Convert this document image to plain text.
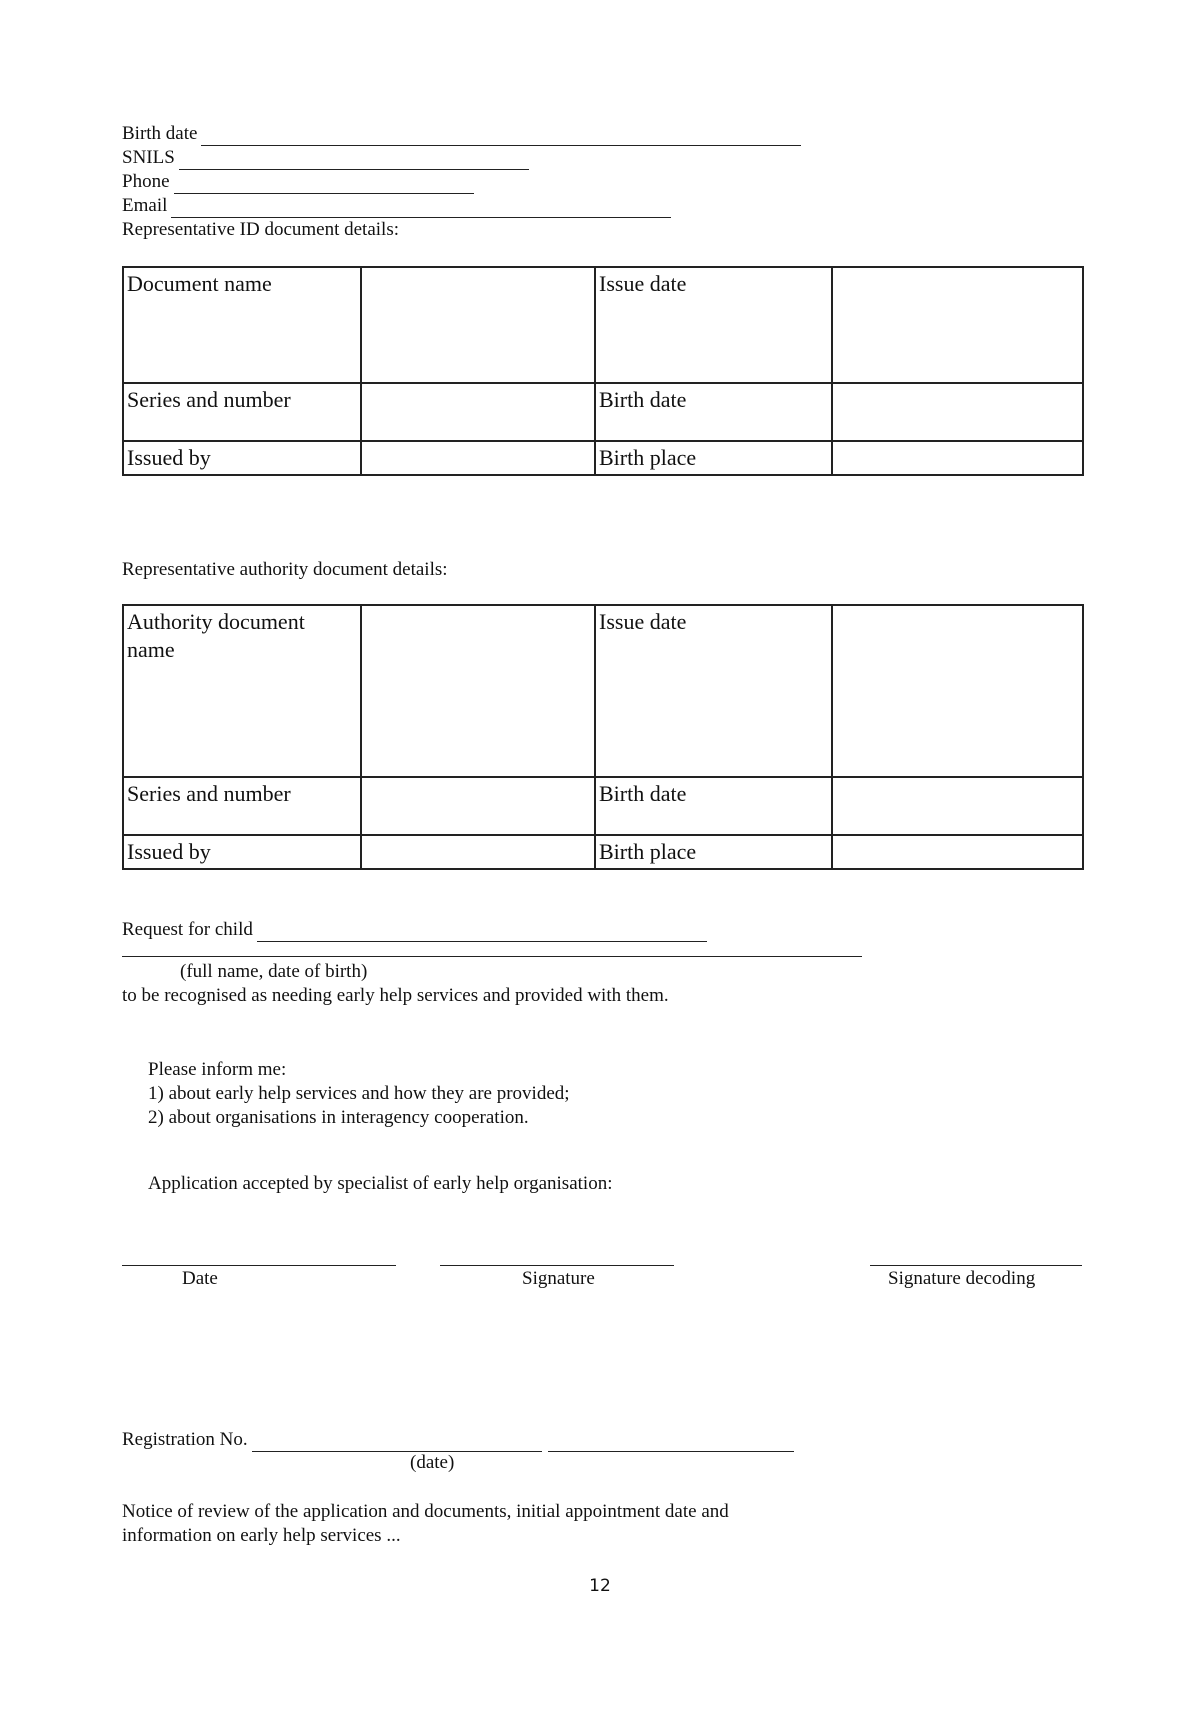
Birth date
SNILS
Phone
Email
Representative ID document details:
Document name		Issue date	
Series and number		Birth date	
Issued by		Birth place	
Representative authority document details:
Authority document name		Issue date	
Series and number		Birth date	
Issued by		Birth place	
Request for child
(full name, date of birth)
to be recognised as needing early help services and provided with them.
Please inform me:
1) about early help services and how they are provided;
2) about organisations in interagency cooperation.
Application accepted by specialist of early help organisation:
Date	Signature	Signature decoding
Registration No.
(date)
Notice of review of the application and documents, initial appointment date and information on early help services ...
12
